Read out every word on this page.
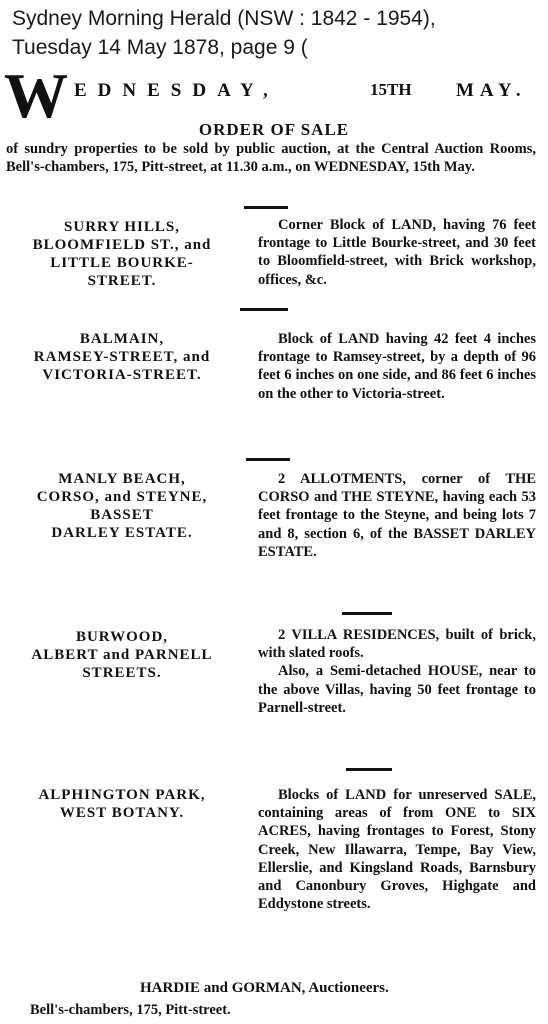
Sydney Morning Herald (NSW : 1842 - 1954),
Tuesday 14 May 1878, page 9 (
W EDNESDAY,	15TH MAY.
ORDER OF SALE
of sundry properties to be sold by public auction, at the Central Auction Rooms, Bell's-chambers, 175, Pitt-street, at 11.30 a.m., on WEDNESDAY, 15th May.
SURRY HILLS,
BLOOMFIELD ST., and
LITTLE BOURKE-
STREET.

Corner Block of LAND, having 76 feet frontage to Little Bourke-street, and 30 feet to Bloomfield-street, with Brick workshop, offices, &c.

BALMAIN,
RAMSEY-STREET, and
VICTORIA-STREET.

Block of LAND having 42 feet 4 inches frontage to Ramsey-street, by a depth of 96 feet 6 inches on one side, and 86 feet 6 inches on the other to Victoria-street.

MANLY BEACH,
CORSO, and STEYNE,
BASSET
DARLEY ESTATE.

2 ALLOTMENTS, corner of THE CORSO and THE STEYNE, having each 53 feet frontage to the Steyne, and being lots 7 and 8, section 6, of the BASSET DARLEY ESTATE.

BURWOOD,
ALBERT and PARNELL
STREETS.

2 VILLA RESIDENCES, built of brick, with slated roofs.

Also, a Semi-detached HOUSE, near to the above Villas, having 50 feet frontage to Parnell-street.

ALPHINGTON PARK,
WEST BOTANY.

Blocks of LAND for unreserved SALE, containing areas of from ONE to SIX ACRES, having frontages to Forest, Stony Creek, New Illawarra, Tempe, Bay View, Ellerslie, and Kingsland Roads, Barnsbury and Canonbury Groves, Highgate and Eddystone streets.

HARDIE and GORMAN, Auctioneers.
Bell's-chambers, 175, Pitt-street.
